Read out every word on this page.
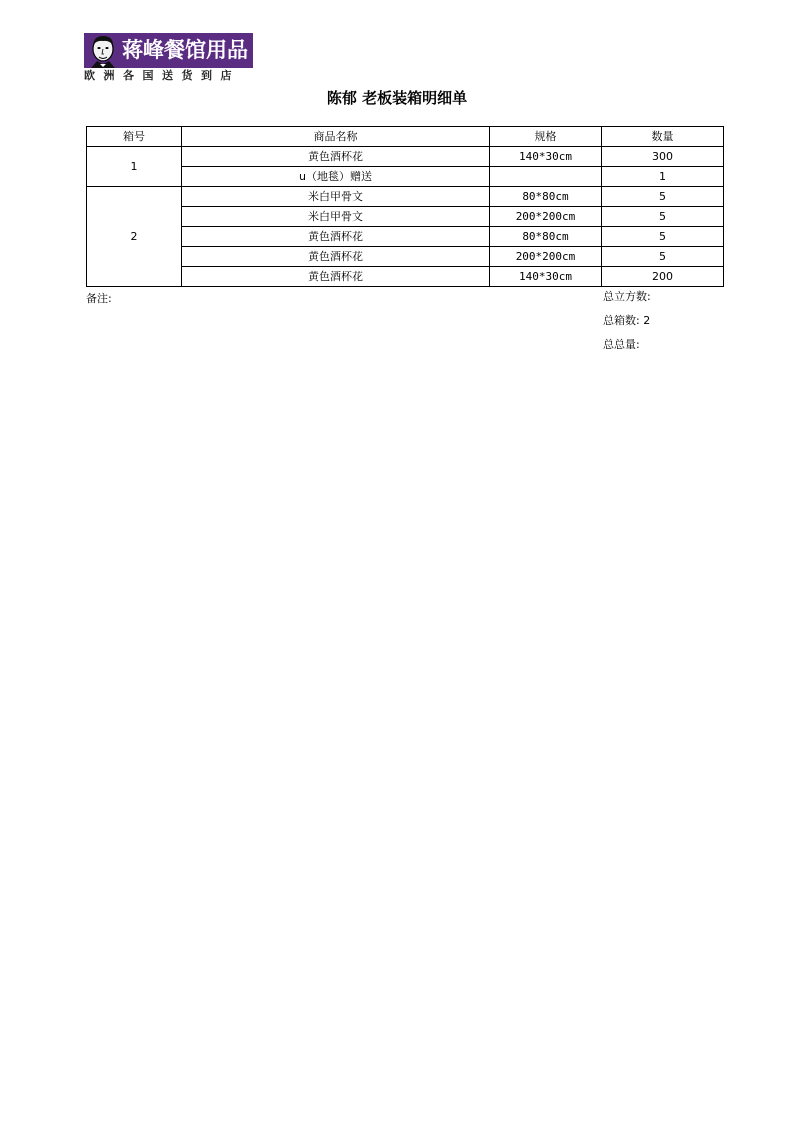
蒋峰餐馆用品
欧洲各国送货到店
陈郁 老板装箱明细单
箱号	商品名称	规格	数量
1	黄色酒杯花	140*30cm	300
	u（地毯）赠送		1
2	米白甲骨文	80*80cm	5
	米白甲骨文	200*200cm	5
	黄色酒杯花	80*80cm	5
	黄色酒杯花	200*200cm	5
	黄色酒杯花	140*30cm	200
备注:	总立方数:
总箱数: 2
总总量:
